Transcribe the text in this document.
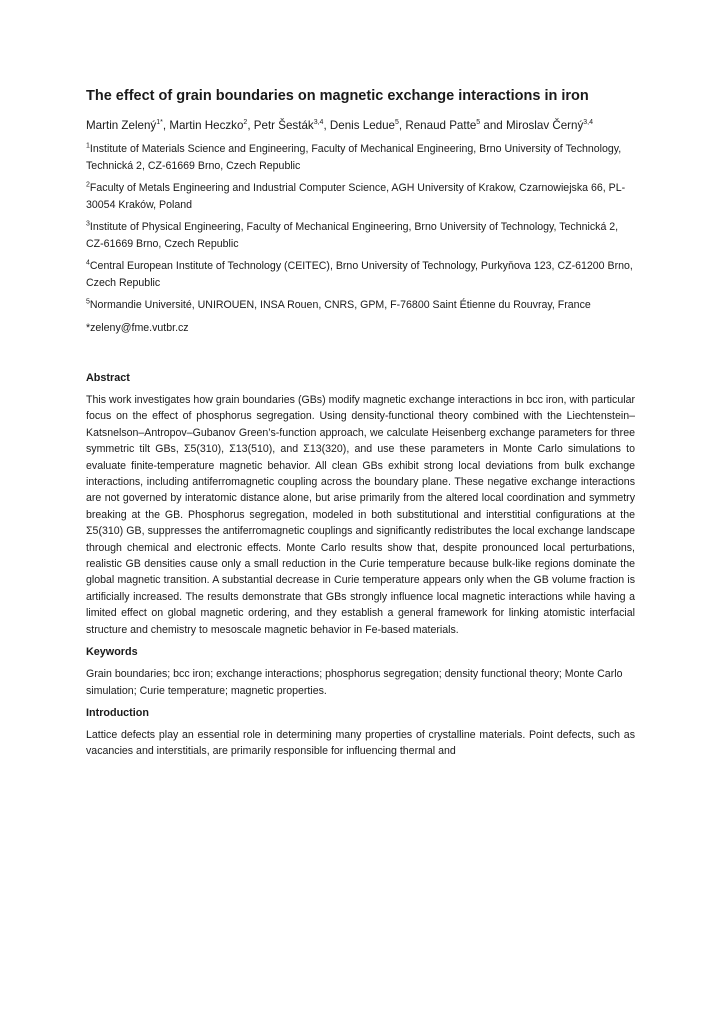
The effect of grain boundaries on magnetic exchange interactions in iron

Martin Zelený$^{1*}$, Martin Heczko$^2$, Petr Šesták$^{3,4}$, Denis Ledue$^5$, Renaud Patte$^5$ and Miroslav Černý$^{3,4}$

$^1$Institute of Materials Science and Engineering, Faculty of Mechanical Engineering, Brno University of Technology, Technická 2, CZ-61669 Brno, Czech Republic

$^2$Faculty of Metals Engineering and Industrial Computer Science, AGH University of Krakow, Czarnowiejska 66, PL-30054 Kraków, Poland

$^3$Institute of Physical Engineering, Faculty of Mechanical Engineering, Brno University of Technology, Technická 2, CZ-61669 Brno, Czech Republic

$^4$Central European Institute of Technology (CEITEC), Brno University of Technology, Purkyňova 123, CZ-61200 Brno, Czech Republic

$^5$Normandie Université, UNIROUEN, INSA Rouen, CNRS, GPM, F-76800 Saint Étienne du Rouvray, France

*zeleny@fme.vutbr.cz

Abstract

This work investigates how grain boundaries (GBs) modify magnetic exchange interactions in bcc iron, with particular focus on the effect of phosphorus segregation. Using density-functional theory combined with the Liechtenstein–Katsnelson–Antropov–Gubanov Green’s-function approach, we calculate Heisenberg exchange parameters for three symmetric tilt GBs, Σ5(310), Σ13(510), and Σ13(320), and use these parameters in Monte Carlo simulations to evaluate finite-temperature magnetic behavior. All clean GBs exhibit strong local deviations from bulk exchange interactions, including antiferromagnetic coupling across the boundary plane. These negative exchange interactions are not governed by interatomic distance alone, but arise primarily from the altered local coordination and symmetry breaking at the GB. Phosphorus segregation, modeled in both substitutional and interstitial configurations at the Σ5(310) GB, suppresses the antiferromagnetic couplings and significantly redistributes the local exchange landscape through chemical and electronic effects. Monte Carlo results show that, despite pronounced local perturbations, realistic GB densities cause only a small reduction in the Curie temperature because bulk-like regions dominate the global magnetic transition. A substantial decrease in Curie temperature appears only when the GB volume fraction is artificially increased. The results demonstrate that GBs strongly influence local magnetic interactions while having a limited effect on global magnetic ordering, and they establish a general framework for linking atomistic interfacial structure and chemistry to mesoscale magnetic behavior in Fe-based materials.

Keywords

Grain boundaries; bcc iron; exchange interactions; phosphorus segregation; density functional theory; Monte Carlo simulation; Curie temperature; magnetic properties.

Introduction

Lattice defects play an essential role in determining many properties of crystalline materials. Point defects, such as vacancies and interstitials, are primarily responsible for influencing thermal and
